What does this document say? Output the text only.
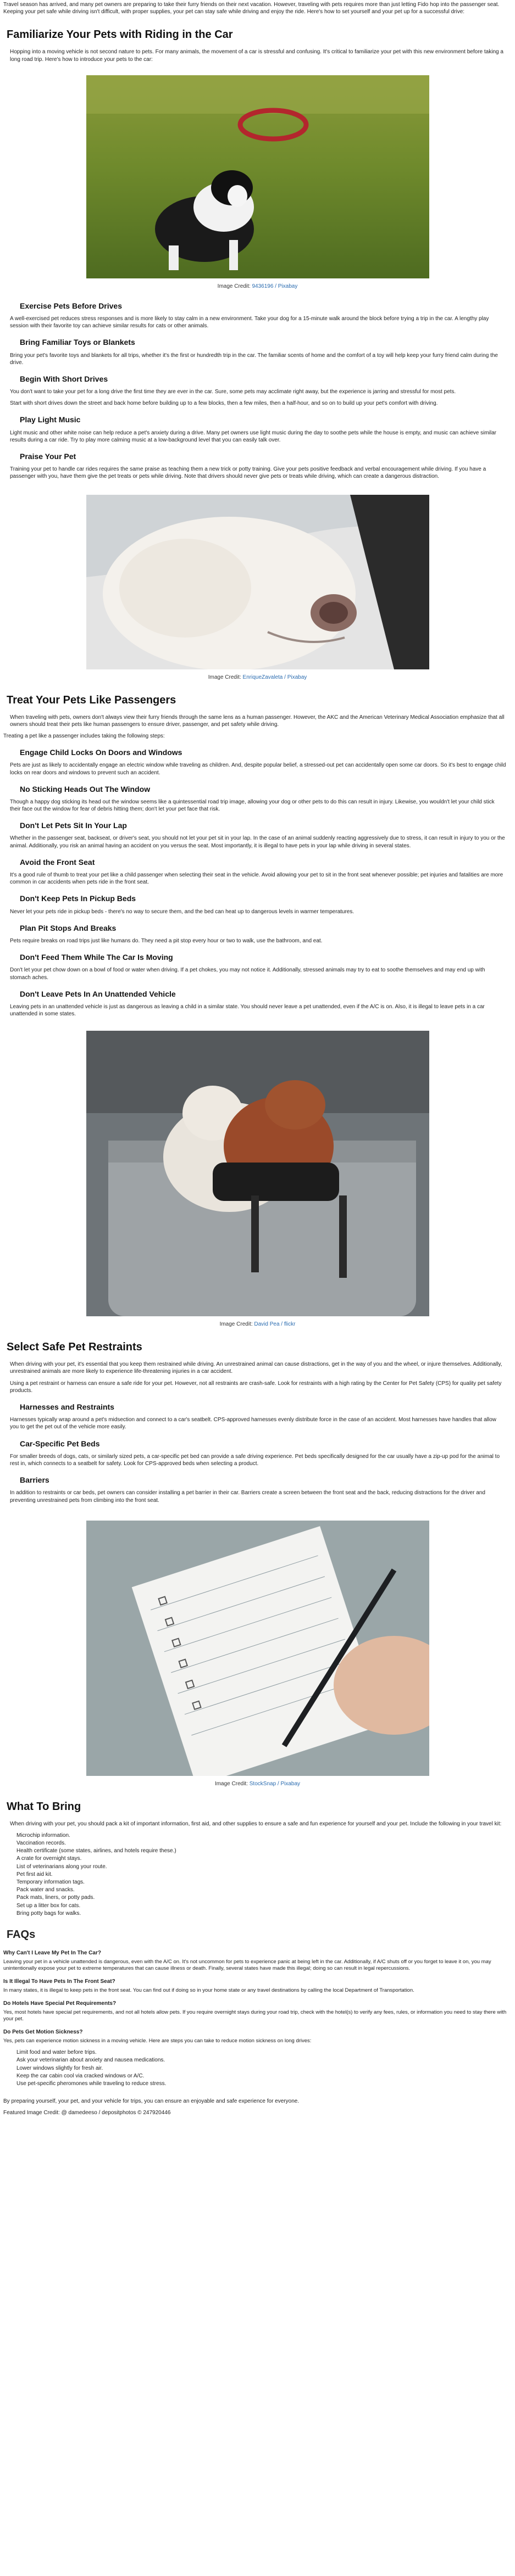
Travel season has arrived, and many pet owners are preparing to take their furry friends on their next vacation. However, traveling with pets requires more than just letting Fido hop into the passenger seat. Keeping your pet safe while driving isn't difficult, with proper supplies, your pet can stay safe while driving and enjoy the ride. Here's how to set yourself and your pet up for a successful drive:

Familiarize Your Pets with Riding in the Car

Hopping into a moving vehicle is not second nature to pets. For many animals, the movement of a car is stressful and confusing. It's critical to familiarize your pet with this new environment before taking a long road trip. Here's how to introduce your pets to the car:

Image Credit: 9436196 / Pixabay
Exercise Pets Before Drives

A well-exercised pet reduces stress responses and is more likely to stay calm in a new environment. Take your dog for a 15-minute walk around the block before trying a trip in the car. A lengthy play session with their favorite toy can achieve similar results for cats or other animals.

Bring Familiar Toys or Blankets

Bring your pet's favorite toys and blankets for all trips, whether it's the first or hundredth trip in the car. The familiar scents of home and the comfort of a toy will help keep your furry friend calm during the drive.

Begin With Short Drives

You don't want to take your pet for a long drive the first time they are ever in the car. Sure, some pets may acclimate right away, but the experience is jarring and stressful for most pets.

Start with short drives down the street and back home before building up to a few blocks, then a few miles, then a half-hour, and so on to build up your pet's comfort with driving.

Play Light Music

Light music and other white noise can help reduce a pet's anxiety during a drive. Many pet owners use light music during the day to soothe pets while the house is empty, and music can achieve similar results during a car ride. Try to play more calming music at a low-background level that you can easily talk over.

Praise Your Pet

Training your pet to handle car rides requires the same praise as teaching them a new trick or potty training. Give your pets positive feedback and verbal encouragement while driving. If you have a passenger with you, have them give the pet treats or pets while driving. Note that drivers should never give pets or treats while driving, which can create a dangerous distraction.

Image Credit: EnriqueZavaleta / Pixabay
Treat Your Pets Like Passengers

When traveling with pets, owners don't always view their furry friends through the same lens as a human passenger. However, the AKC and the American Veterinary Medical Association emphasize that all owners should treat their pets like human passengers to ensure driver, passenger, and pet safety while driving.

Treating a pet like a passenger includes taking the following steps:

Engage Child Locks On Doors and Windows

Pets are just as likely to accidentally engage an electric window while traveling as children. And, despite popular belief, a stressed-out pet can accidentally open some car doors. So it's best to engage child locks on rear doors and windows to prevent such an accident.

No Sticking Heads Out The Window

Though a happy dog sticking its head out the window seems like a quintessential road trip image, allowing your dog or other pets to do this can result in injury. Likewise, you wouldn't let your child stick their face out the window for fear of debris hitting them; don't let your pet face that risk.

Don't Let Pets Sit In Your Lap

Whether in the passenger seat, backseat, or driver's seat, you should not let your pet sit in your lap. In the case of an animal suddenly reacting aggressively due to stress, it can result in injury to you or the animal. Additionally, you risk an animal having an accident on you versus the seat. Most importantly, it is illegal to have pets in your lap while driving in several states.

Avoid the Front Seat

It's a good rule of thumb to treat your pet like a child passenger when selecting their seat in the vehicle. Avoid allowing your pet to sit in the front seat whenever possible; pet injuries and fatalities are more common in car accidents when pets ride in the front seat.

Don't Keep Pets In Pickup Beds

Never let your pets ride in pickup beds - there's no way to secure them, and the bed can heat up to dangerous levels in warmer temperatures.

Plan Pit Stops And Breaks

Pets require breaks on road trips just like humans do. They need a pit stop every hour or two to walk, use the bathroom, and eat.

Don't Feed Them While The Car Is Moving

Don't let your pet chow down on a bowl of food or water when driving. If a pet chokes, you may not notice it. Additionally, stressed animals may try to eat to soothe themselves and may end up with stomach aches.

Don't Leave Pets In An Unattended Vehicle

Leaving pets in an unattended vehicle is just as dangerous as leaving a child in a similar state. You should never leave a pet unattended, even if the A/C is on. Also, it is illegal to leave pets in a car unattended in some states.

Image Credit: David Pea / flickr
Select Safe Pet Restraints

When driving with your pet, it's essential that you keep them restrained while driving. An unrestrained animal can cause distractions, get in the way of you and the wheel, or injure themselves. Additionally, unrestrained animals are more likely to experience life-threatening injuries in a car accident.

Using a pet restraint or harness can ensure a safe ride for your pet. However, not all restraints are crash-safe. Look for restraints with a high rating by the Center for Pet Safety (CPS) for quality pet safety products.

Harnesses and Restraints

Harnesses typically wrap around a pet's midsection and connect to a car's seatbelt. CPS-approved harnesses evenly distribute force in the case of an accident. Most harnesses have handles that allow you to get the pet out of the vehicle more easily.

Car-Specific Pet Beds

For smaller breeds of dogs, cats, or similarly sized pets, a car-specific pet bed can provide a safe driving experience. Pet beds specifically designed for the car usually have a zip-up pod for the animal to rest in, which connects to a seatbelt for safety. Look for CPS-approved beds when selecting a product.

Barriers

In addition to restraints or car beds, pet owners can consider installing a pet barrier in their car. Barriers create a screen between the front seat and the back, reducing distractions for the driver and preventing unrestrained pets from climbing into the front seat.

Image Credit: StockSnap / Pixabay
What To Bring

When driving with your pet, you should pack a kit of important information, first aid, and other supplies to ensure a safe and fun experience for yourself and your pet. Include the following in your travel kit:

Microchip information.
Vaccination records.
Health certificate (some states, airlines, and hotels require these.)
A crate for overnight stays.
List of veterinarians along your route.
Pet first aid kit.
Temporary information tags.
Pack water and snacks.
Pack mats, liners, or potty pads.
Set up a litter box for cats.
Bring potty bags for walks.
FAQs
Why Can't I Leave My Pet In The Car?

Leaving your pet in a vehicle unattended is dangerous, even with the A/C on. It's not uncommon for pets to experience panic at being left in the car. Additionally, if A/C shuts off or you forget to leave it on, you may unintentionally expose your pet to extreme temperatures that can cause illness or death. Finally, several states have made this illegal; doing so can result in legal repercussions.

Is It Illegal To Have Pets In The Front Seat?

In many states, it is illegal to keep pets in the front seat. You can find out if doing so in your home state or any travel destinations by calling the local Department of Transportation.

Do Hotels Have Special Pet Requirements?

Yes, most hotels have special pet requirements, and not all hotels allow pets. If you require overnight stays during your road trip, check with the hotel(s) to verify any fees, rules, or information you need to stay there with your pet.

Do Pets Get Motion Sickness?

Yes, pets can experience motion sickness in a moving vehicle. Here are steps you can take to reduce motion sickness on long drives:

Limit food and water before trips.
Ask your veterinarian about anxiety and nausea medications.
Lower windows slightly for fresh air.
Keep the car cabin cool via cracked windows or A/C.
Use pet-specific pheromones while traveling to reduce stress.

By preparing yourself, your pet, and your vehicle for trips, you can ensure an enjoyable and safe experience for everyone.

Featured Image Credit: @ damedeeso / depositphotos © 247920446
